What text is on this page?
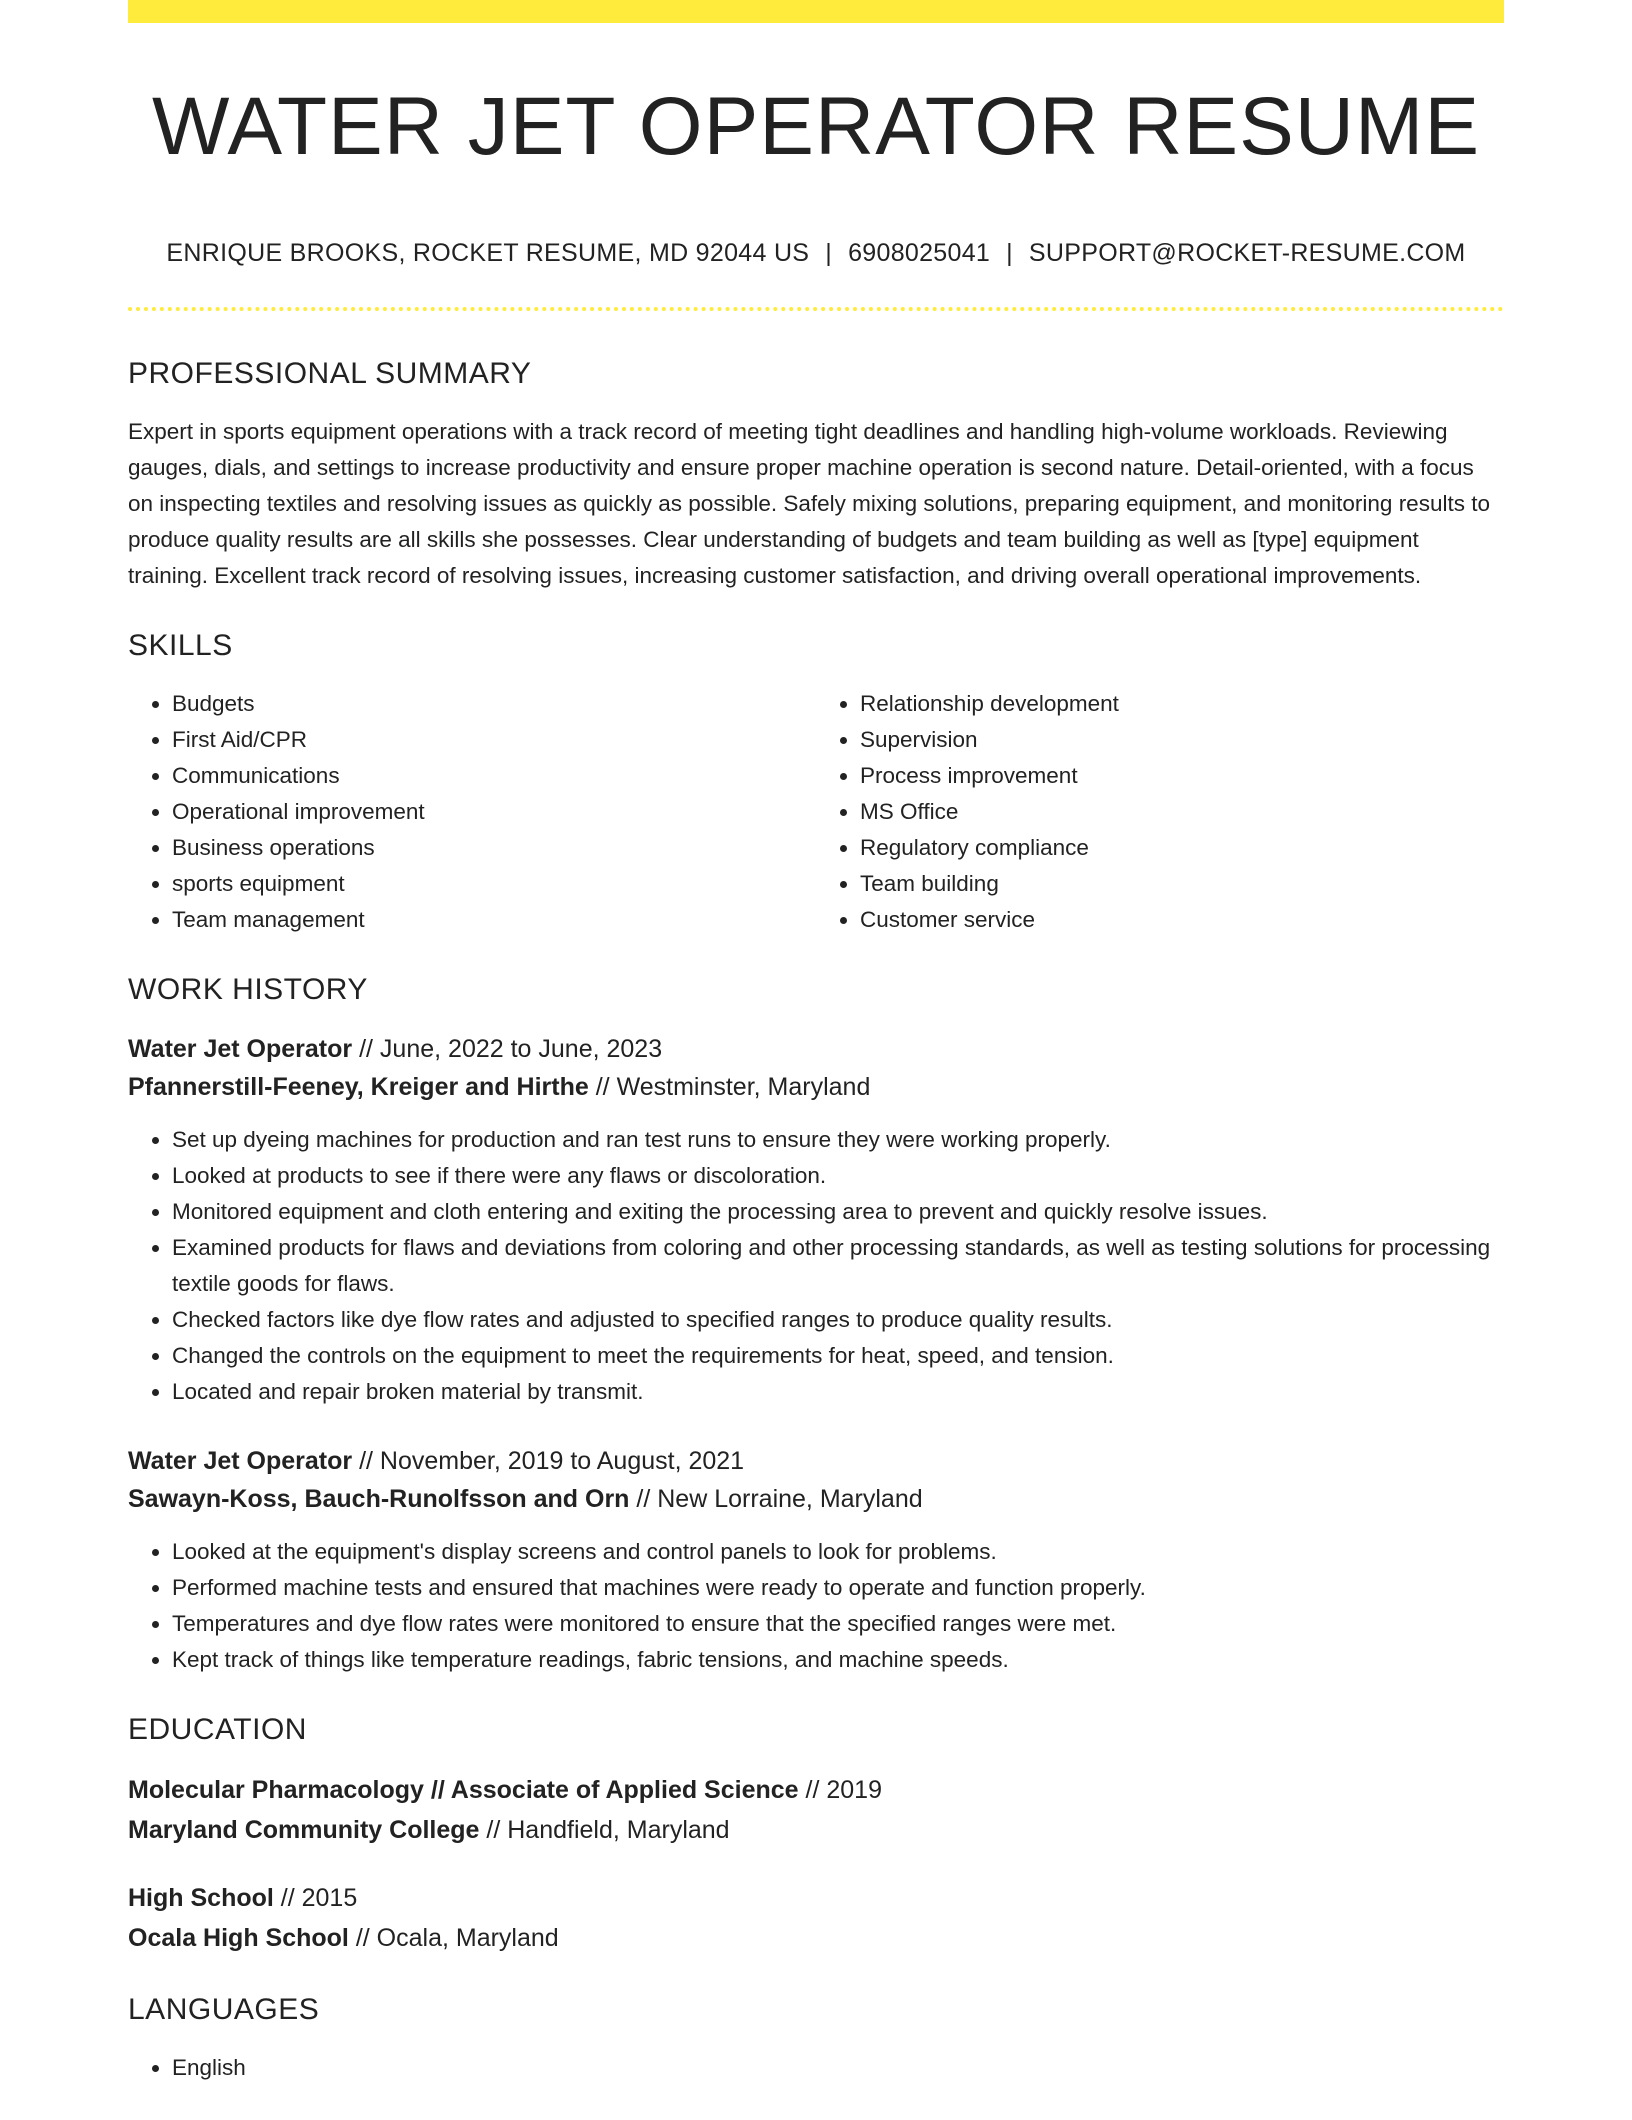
WATER JET OPERATOR RESUME
ENRIQUE BROOKS, ROCKET RESUME, MD 92044 US | 6908025041 | SUPPORT@ROCKET-RESUME.COM
PROFESSIONAL SUMMARY

Expert in sports equipment operations with a track record of meeting tight deadlines and handling high-volume workloads. Reviewing gauges, dials, and settings to increase productivity and ensure proper machine operation is second nature. Detail-oriented, with a focus on inspecting textiles and resolving issues as quickly as possible. Safely mixing solutions, preparing equipment, and monitoring results to produce quality results are all skills she possesses. Clear understanding of budgets and team building as well as [type] equipment training. Excellent track record of resolving issues, increasing customer satisfaction, and driving overall operational improvements.

SKILLS
• Budgets
• First Aid/CPR
• Communications
• Operational improvement
• Business operations
• sports equipment
• Team management
• Relationship development
• Supervision
• Process improvement
• MS Office
• Regulatory compliance
• Team building
• Customer service
WORK HISTORY
Water Jet Operator // June, 2022 to June, 2023
Pfannerstill-Feeney, Kreiger and Hirthe // Westminster, Maryland
• Set up dyeing machines for production and ran test runs to ensure they were working properly.
• Looked at products to see if there were any flaws or discoloration.
• Monitored equipment and cloth entering and exiting the processing area to prevent and quickly resolve issues.
• Examined products for flaws and deviations from coloring and other processing standards, as well as testing solutions for processing textile goods for flaws.
• Checked factors like dye flow rates and adjusted to specified ranges to produce quality results.
• Changed the controls on the equipment to meet the requirements for heat, speed, and tension.
• Located and repair broken material by transmit.
Water Jet Operator // November, 2019 to August, 2021
Sawayn-Koss, Bauch-Runolfsson and Orn // New Lorraine, Maryland
• Looked at the equipment's display screens and control panels to look for problems.
• Performed machine tests and ensured that machines were ready to operate and function properly.
• Temperatures and dye flow rates were monitored to ensure that the specified ranges were met.
• Kept track of things like temperature readings, fabric tensions, and machine speeds.
EDUCATION
Molecular Pharmacology // Associate of Applied Science // 2019
Maryland Community College // Handfield, Maryland
High School // 2015
Ocala High School // Ocala, Maryland
LANGUAGES
• English
